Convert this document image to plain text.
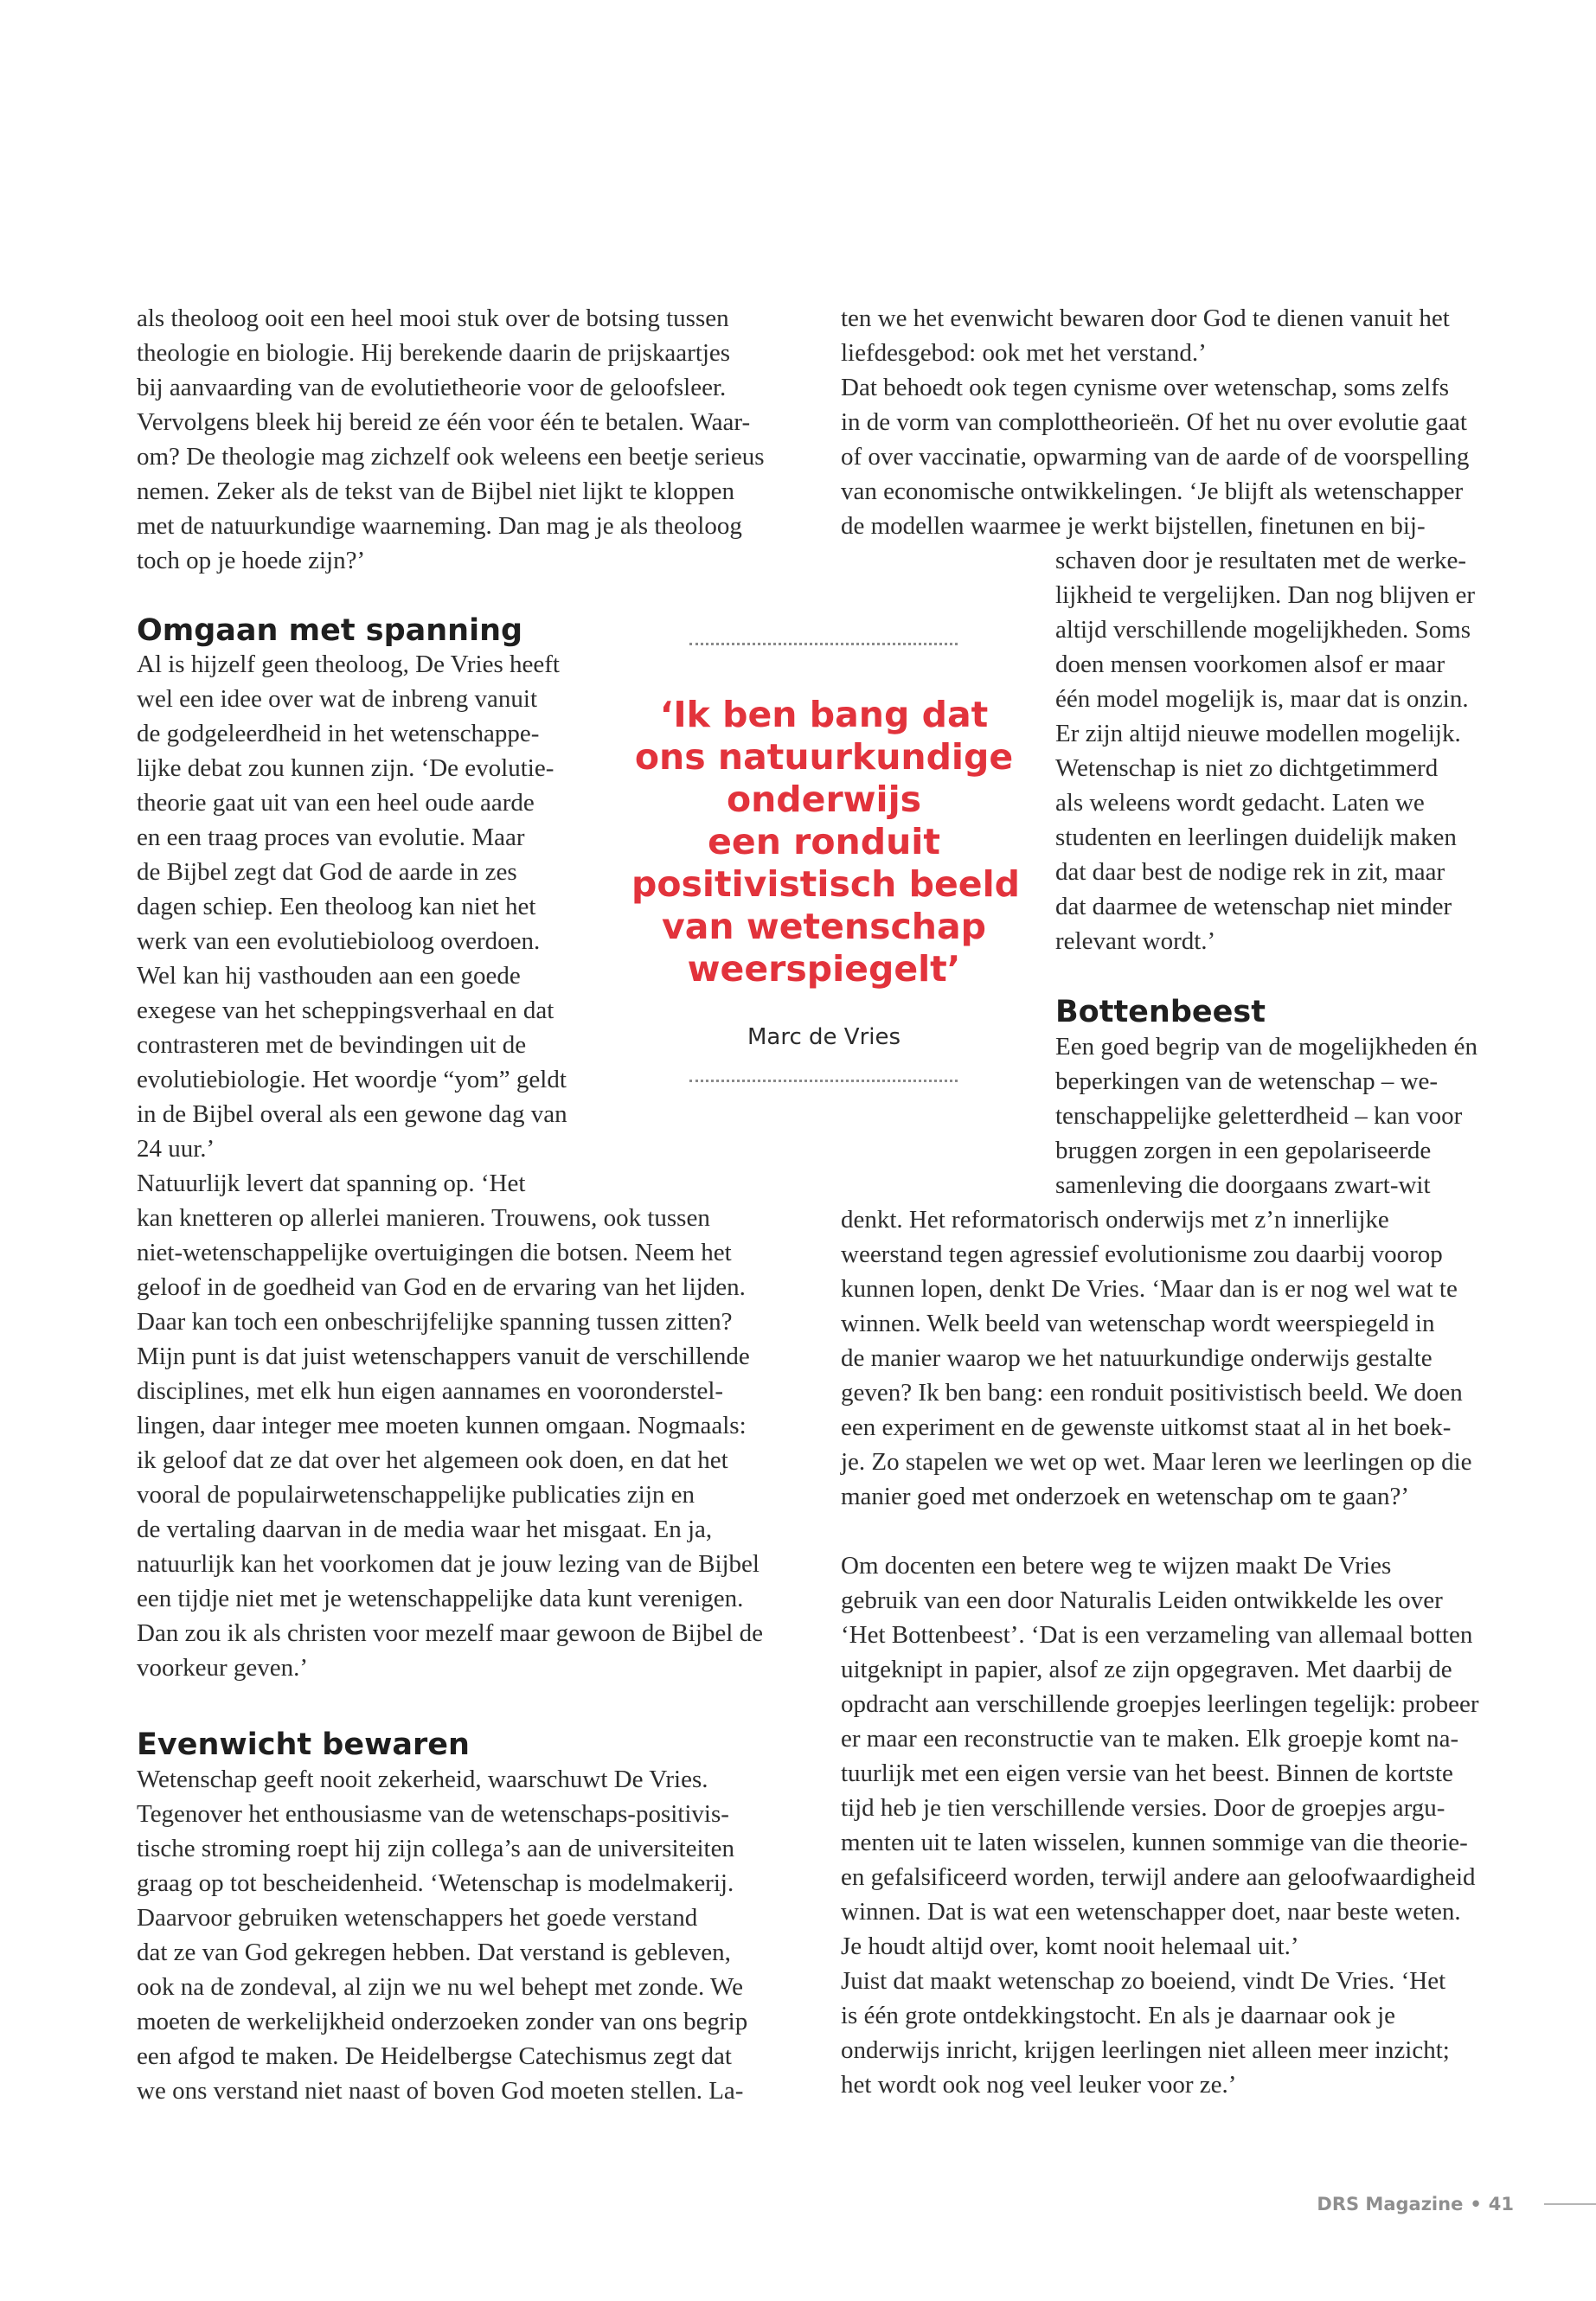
als theoloog ooit een heel mooi stuk over de botsing tussen
theologie en biologie. Hij berekende daarin de prijskaartjes
bij aanvaarding van de evolutietheorie voor de geloofsleer.
Vervolgens bleek hij bereid ze één voor één te betalen. Waar-
om? De theologie mag zichzelf ook weleens een beetje serieus
nemen. Zeker als de tekst van de Bijbel niet lijkt te kloppen
met de natuurkundige waarneming. Dan mag je als theoloog
toch op je hoede zijn?’
Omgaan met spanning
Al is hijzelf geen theoloog, De Vries heeft
wel een idee over wat de inbreng vanuit
de godgeleerdheid in het wetenschappe-
lijke debat zou kunnen zijn. ‘De evolutie-
theorie gaat uit van een heel oude aarde
en een traag proces van evolutie. Maar
de Bijbel zegt dat God de aarde in zes
dagen schiep. Een theoloog kan niet het
werk van een evolutiebioloog overdoen.
Wel kan hij vasthouden aan een goede
exegese van het scheppingsverhaal en dat
contrasteren met de bevindingen uit de
evolutiebiologie. Het woordje “yom” geldt
in de Bijbel overal als een gewone dag van
24 uur.’
Natuurlijk levert dat spanning op. ‘Het
kan knetteren op allerlei manieren. Trouwens, ook tussen
niet-wetenschappelijke overtuigingen die botsen. Neem het
geloof in de goedheid van God en de ervaring van het lijden.
Daar kan toch een onbeschrijfelijke spanning tussen zitten?
Mijn punt is dat juist wetenschappers vanuit de verschillende
disciplines, met elk hun eigen aannames en vooronderstel-
lingen, daar integer mee moeten kunnen omgaan. Nogmaals:
ik geloof dat ze dat over het algemeen ook doen, en dat het
vooral de populairwetenschappelijke publicaties zijn en
de vertaling daarvan in de media waar het misgaat. En ja,
natuurlijk kan het voorkomen dat je jouw lezing van de Bijbel
een tijdje niet met je wetenschappelijke data kunt verenigen.
Dan zou ik als christen voor mezelf maar gewoon de Bijbel de
voorkeur geven.’
Evenwicht bewaren
Wetenschap geeft nooit zekerheid, waarschuwt De Vries.
Tegenover het enthousiasme van de wetenschaps-positivis-
tische stroming roept hij zijn collega’s aan de universiteiten
graag op tot bescheidenheid. ‘Wetenschap is modelmakerij.
Daarvoor gebruiken wetenschappers het goede verstand
dat ze van God gekregen hebben. Dat verstand is gebleven,
ook na de zondeval, al zijn we nu wel behept met zonde. We
moeten de werkelijkheid onderzoeken zonder van ons begrip
een afgod te maken. De Heidelbergse Catechismus zegt dat
we ons verstand niet naast of boven God moeten stellen. La-
‘Ik ben bang dat
ons natuurkundige
onderwijs
een ronduit
positivistisch beeld
van wetenschap
weerspiegelt’
Marc de Vries
ten we het evenwicht bewaren door God te dienen vanuit het
liefdesgebod: ook met het verstand.’
Dat behoedt ook tegen cynisme over wetenschap, soms zelfs
in de vorm van complottheorieën. Of het nu over evolutie gaat
of over vaccinatie, opwarming van de aarde of de voorspelling
van economische ontwikkelingen. ‘Je blijft als wetenschapper
de modellen waarmee je werkt bijstellen, finetunen en bij-
schaven door je resultaten met de werke-
lijkheid te vergelijken. Dan nog blijven er
altijd verschillende mogelijkheden. Soms
doen mensen voorkomen alsof er maar
één model mogelijk is, maar dat is onzin.
Er zijn altijd nieuwe modellen mogelijk.
Wetenschap is niet zo dichtgetimmerd
als weleens wordt gedacht. Laten we
studenten en leerlingen duidelijk maken
dat daar best de nodige rek in zit, maar
dat daarmee de wetenschap niet minder
relevant wordt.’
Bottenbeest
Een goed begrip van de mogelijkheden én
beperkingen van de wetenschap – we-
tenschappelijke geletterdheid – kan voor
bruggen zorgen in een gepolariseerde
samenleving die doorgaans zwart-wit
denkt. Het reformatorisch onderwijs met z’n innerlijke
weerstand tegen agressief evolutionisme zou daarbij voorop
kunnen lopen, denkt De Vries. ‘Maar dan is er nog wel wat te
winnen. Welk beeld van wetenschap wordt weerspiegeld in
de manier waarop we het natuurkundige onderwijs gestalte
geven? Ik ben bang: een ronduit positivistisch beeld. We doen
een experiment en de gewenste uitkomst staat al in het boek-
je. Zo stapelen we wet op wet. Maar leren we leerlingen op die
manier goed met onderzoek en wetenschap om te gaan?’
Om docenten een betere weg te wijzen maakt De Vries
gebruik van een door Naturalis Leiden ontwikkelde les over
‘Het Bottenbeest’. ‘Dat is een verzameling van allemaal botten
uitgeknipt in papier, alsof ze zijn opgegraven. Met daarbij de
opdracht aan verschillende groepjes leerlingen tegelijk: probeer
er maar een reconstructie van te maken. Elk groepje komt na-
tuurlijk met een eigen versie van het beest. Binnen de kortste
tijd heb je tien verschillende versies. Door de groepjes argu-
menten uit te laten wisselen, kunnen sommige van die theorie-
en gefalsificeerd worden, terwijl andere aan geloofwaardigheid
winnen. Dat is wat een wetenschapper doet, naar beste weten.
Je houdt altijd over, komt nooit helemaal uit.’
Juist dat maakt wetenschap zo boeiend, vindt De Vries. ‘Het
is één grote ontdekkingstocht. En als je daarnaar ook je
onderwijs inricht, krijgen leerlingen niet alleen meer inzicht;
het wordt ook nog veel leuker voor ze.’
DRS Magazine • 41
